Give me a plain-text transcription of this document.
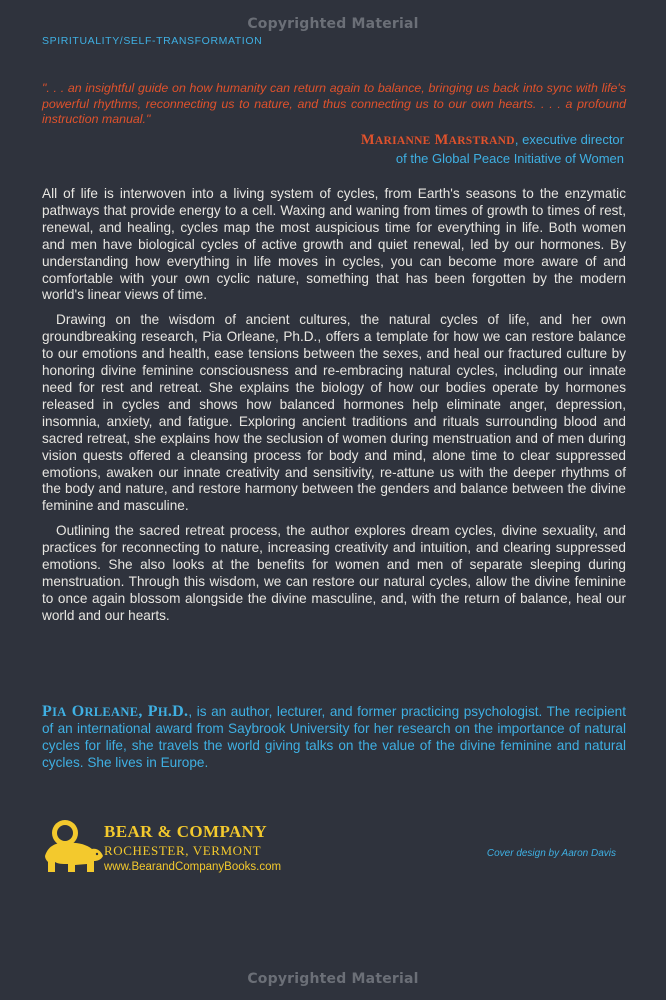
Copyrighted Material
SPIRITUALITY/SELF-TRANSFORMATION
". . . an insightful guide on how humanity can return again to balance, bringing us back into sync with life's powerful rhythms, reconnecting us to nature, and thus connecting us to our own hearts. . . . a profound instruction manual."
MARIANNE MARSTRAND, executive director
of the Global Peace Initiative of Women

All of life is interwoven into a living system of cycles, from Earth's seasons to the enzymatic pathways that provide energy to a cell. Waxing and waning from times of growth to times of rest, renewal, and healing, cycles map the most auspicious time for everything in life. Both women and men have biological cycles of active growth and quiet renewal, led by our hormones. By understanding how everything in life moves in cycles, you can become more aware of and comfortable with your own cyclic nature, something that has been forgotten by the modern world's linear views of time.

Drawing on the wisdom of ancient cultures, the natural cycles of life, and her own groundbreaking research, Pia Orleane, Ph.D., offers a template for how we can restore balance to our emotions and health, ease tensions between the sexes, and heal our fractured culture by honoring divine feminine consciousness and re-embracing natural cycles, including our innate need for rest and retreat. She explains the biology of how our bodies operate by hormones released in cycles and shows how balanced hormones help eliminate anger, depression, insomnia, anxiety, and fatigue. Exploring ancient traditions and rituals surrounding blood and sacred retreat, she explains how the seclusion of women during menstruation and of men during vision quests offered a cleansing process for body and mind, alone time to clear suppressed emotions, awaken our innate creativity and sensitivity, re-attune us with the deeper rhythms of the body and nature, and restore harmony between the genders and balance between the divine feminine and masculine.

Outlining the sacred retreat process, the author explores dream cycles, divine sexuality, and practices for reconnecting to nature, increasing creativity and intuition, and clearing suppressed emotions. She also looks at the benefits for women and men of separate sleeping during menstruation. Through this wisdom, we can restore our natural cycles, allow the divine feminine to once again blossom alongside the divine masculine, and, with the return of balance, heal our world and our hearts.

PIA ORLEANE, PH.D., is an author, lecturer, and former practicing psychologist. The recipient of an international award from Saybrook University for her research on the importance of natural cycles for life, she travels the world giving talks on the value of the divine feminine and natural cycles. She lives in Europe.
BEAR & COMPANY
ROCHESTER, VERMONT
www.BearandCompanyBooks.com
Cover design by Aaron Davis
Copyrighted Material
